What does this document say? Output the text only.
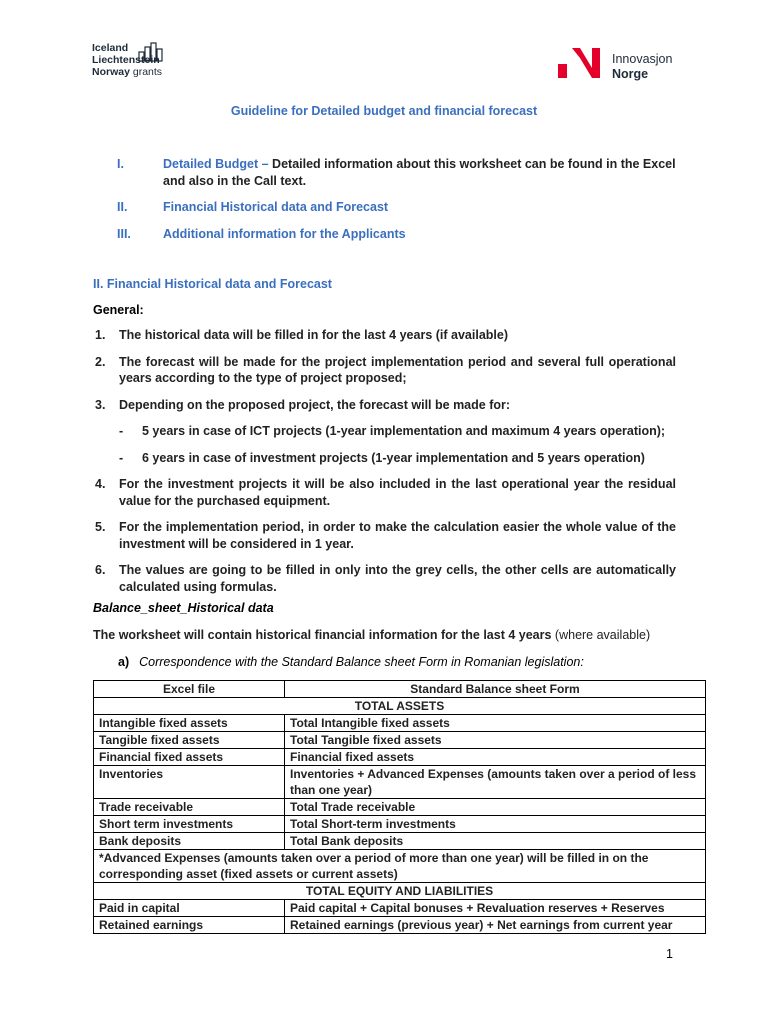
Iceland
Liechtenstein
Norway grants
Innovasjon
Norge
Guideline for Detailed budget and financial forecast
I.	Detailed Budget – Detailed information about this worksheet can be found in the Excel and also in the Call text.
II.	Financial Historical data and Forecast
III.	Additional information for the Applicants
II. Financial Historical data and Forecast
General:
1. The historical data will be filled in for the last 4 years (if available)
2. The forecast will be made for the project implementation period and several full operational years according to the type of project proposed;
3. Depending on the proposed project, the forecast will be made for:
- 5 years in case of ICT projects (1-year implementation and maximum 4 years operation);
- 6 years in case of investment projects (1-year implementation and 5 years operation)
4. For the investment projects it will be also included in the last operational year the residual value for the purchased equipment.
5. For the implementation period, in order to make the calculation easier the whole value of the investment will be considered in 1 year.
6. The values are going to be filled in only into the grey cells, the other cells are automatically calculated using formulas.
Balance_sheet_Historical data
The worksheet will contain historical financial information for the last 4 years (where available)
a) Correspondence with the Standard Balance sheet Form in Romanian legislation:
Excel file	Standard Balance sheet Form
TOTAL ASSETS	
Intangible fixed assets	Total Intangible fixed assets
Tangible fixed assets	Total Tangible fixed assets
Financial fixed assets	Financial fixed assets
Inventories	Inventories + Advanced Expenses (amounts taken over a period of less than one year)
Trade receivable	Total Trade receivable
Short term investments	Total Short-term investments
Bank deposits	Total Bank deposits
*Advanced Expenses (amounts taken over a period of more than one year) will be filled in on the corresponding asset (fixed assets or current assets)	
TOTAL EQUITY AND LIABILITIES	
Paid in capital	Paid capital + Capital bonuses + Revaluation reserves + Reserves
Retained earnings	Retained earnings (previous year) + Net earnings from current year
1
